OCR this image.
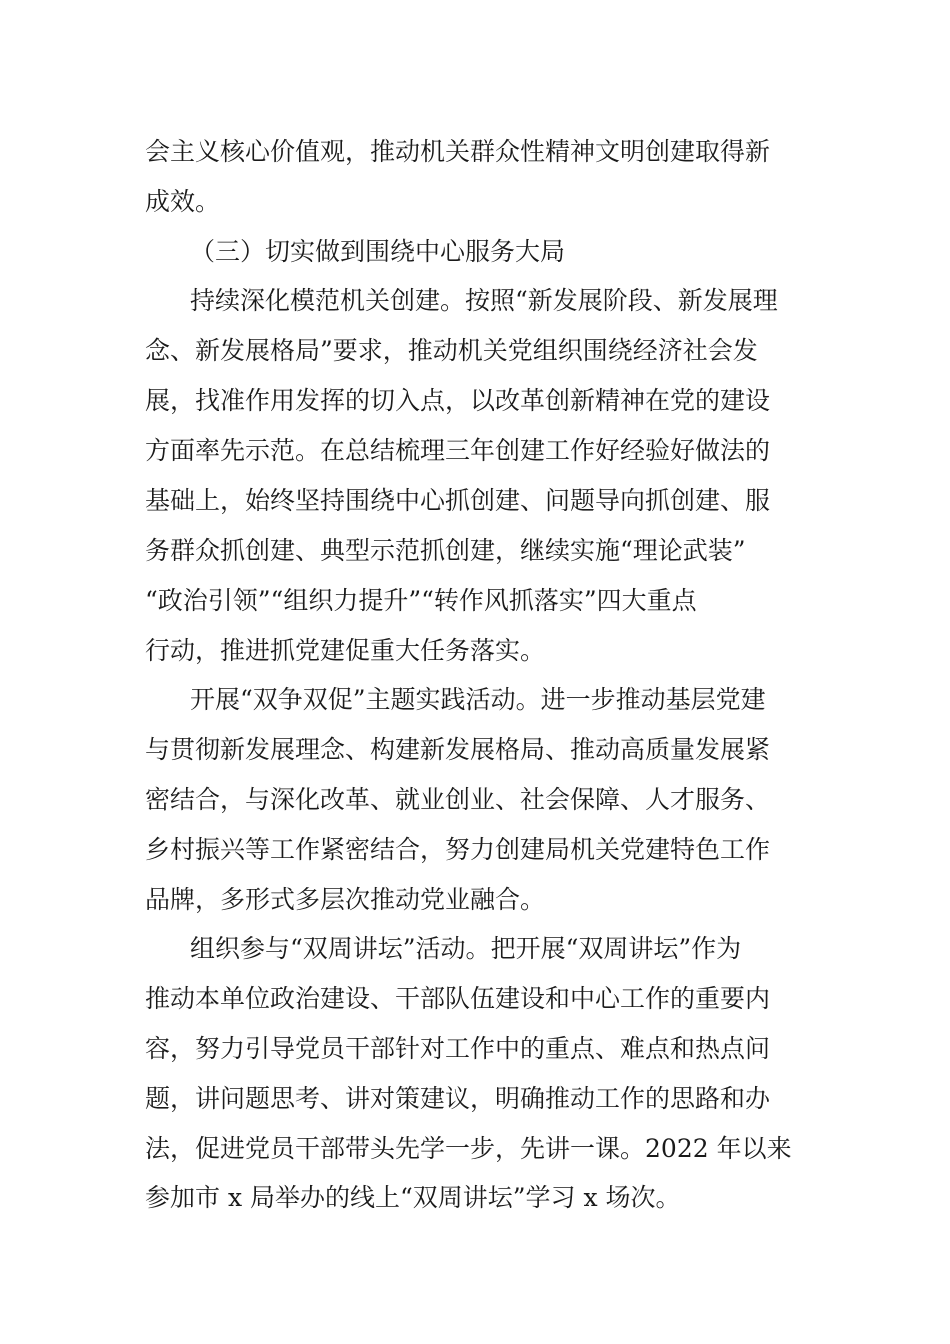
会主义核心价值观，推动机关群众性精神文明创建取得新
成效。
（三）切实做到围绕中心服务大局
持续深化模范机关创建。按照“新发展阶段、新发展理
念、新发展格局”要求，推动机关党组织围绕经济社会发
展，找准作用发挥的切入点，以改革创新精神在党的建设
方面率先示范。在总结梳理三年创建工作好经验好做法的
基础上，始终坚持围绕中心抓创建、问题导向抓创建、服
务群众抓创建、典型示范抓创建，继续实施“理论武装”
“政治引领”“组织力提升”“转作风抓落实”四大重点
行动，推进抓党建促重大任务落实。
开展“双争双促”主题实践活动。进一步推动基层党建
与贯彻新发展理念、构建新发展格局、推动高质量发展紧
密结合，与深化改革、就业创业、社会保障、人才服务、
乡村振兴等工作紧密结合，努力创建局机关党建特色工作
品牌，多形式多层次推动党业融合。
组织参与“双周讲坛”活动。把开展“双周讲坛”作为
推动本单位政治建设、干部队伍建设和中心工作的重要内
容，努力引导党员干部针对工作中的重点、难点和热点问
题，讲问题思考、讲对策建议，明确推动工作的思路和办
法，促进党员干部带头先学一步，先讲一课。2022 年以来
参加市 x 局举办的线上“双周讲坛”学习 x 场次。
